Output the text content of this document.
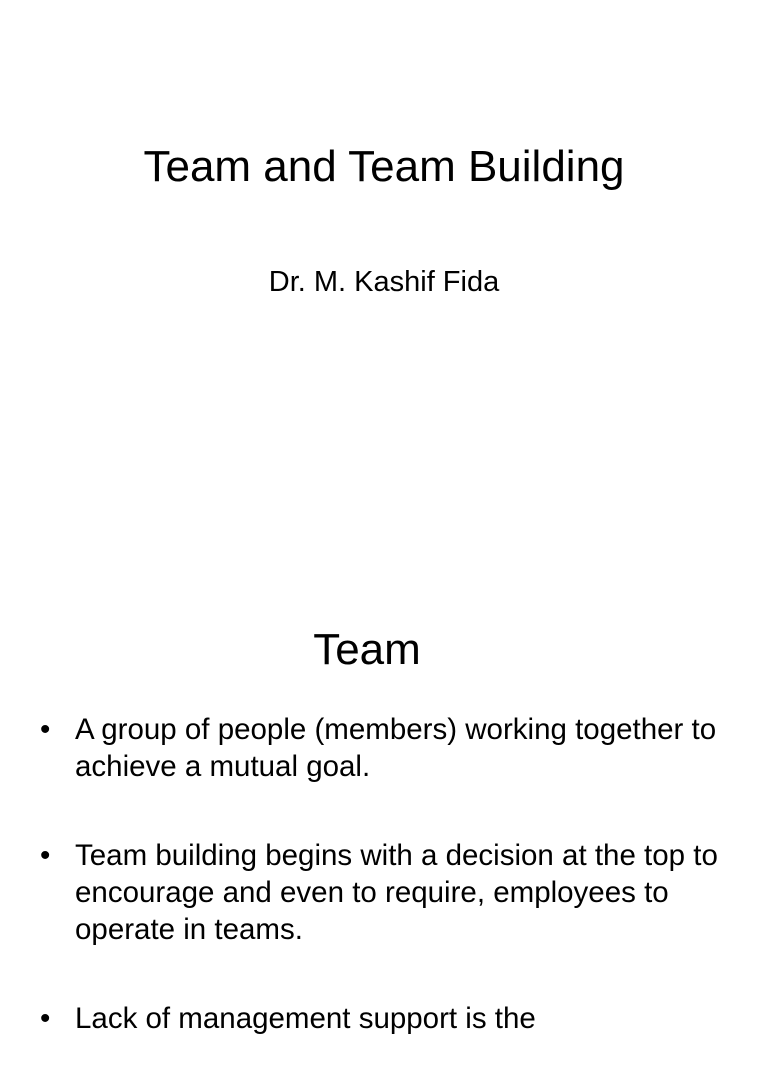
Team and Team Building
Dr. M. Kashif Fida
Team
• A group of people (members) working together to achieve a mutual goal.
• Team building begins with a decision at the top to encourage and even to require, employees to operate in teams.
• Lack of management support is the
